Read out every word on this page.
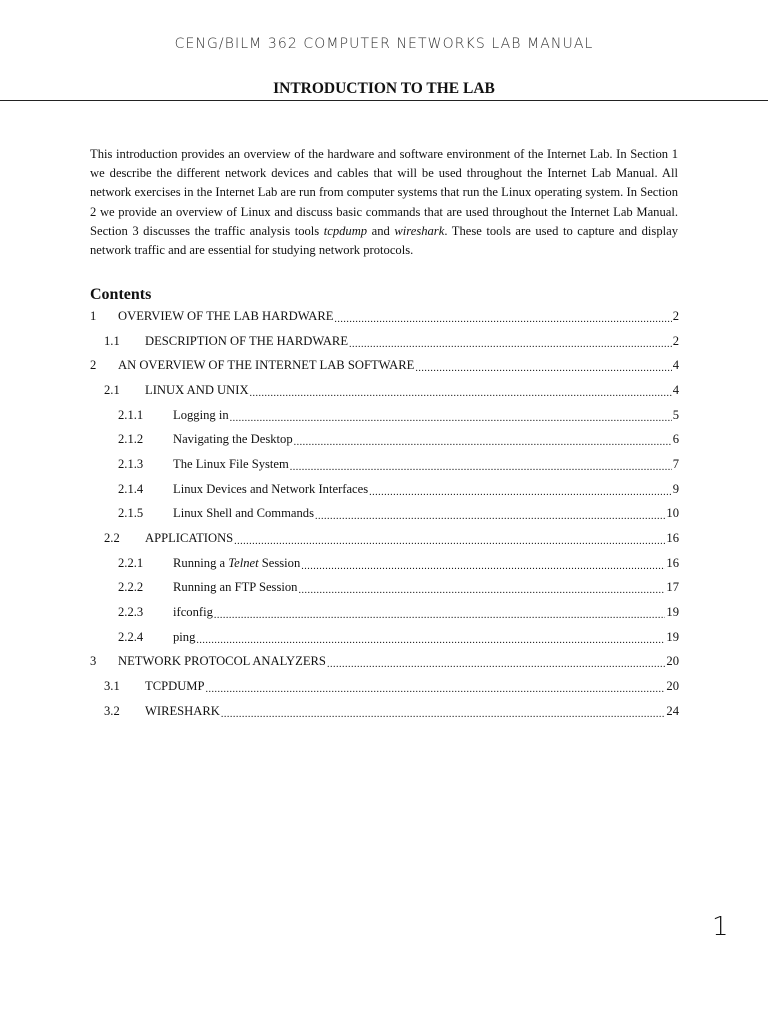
CENG/BILM 362 COMPUTER NETWORKS LAB MANUAL
INTRODUCTION TO THE LAB

This introduction provides an overview of the hardware and software environment of the Internet Lab. In Section 1 we describe the different network devices and cables that will be used throughout the Internet Lab Manual. All network exercises in the Internet Lab are run from computer systems that run the Linux operating system. In Section 2 we provide an overview of Linux and discuss basic commands that are used throughout the Internet Lab Manual. Section 3 discusses the traffic analysis tools tcpdump and wireshark. These tools are used to capture and display network traffic and are essential for studying network protocols.

Contents
1	OVERVIEW OF THE LAB HARDWARE .....	2
1.1	DESCRIPTION OF THE HARDWARE .....	2
2	AN OVERVIEW OF THE INTERNET LAB SOFTWARE .....	4
2.1	LINUX AND UNIX .....	4
2.1.1	Logging in .....	5
2.1.2	Navigating the Desktop .....	6
2.1.3	The Linux File System .....	7
2.1.4	Linux Devices and Network Interfaces .....	9
2.1.5	Linux Shell and Commands .....	10
2.2	APPLICATIONS .....	16
2.2.1	Running a Telnet Session .....	16
2.2.2	Running an FTP Session .....	17
2.2.3	ifconfig .....	19
2.2.4	ping .....	19
3	NETWORK PROTOCOL ANALYZERS .....	20
3.1	TCPDUMP .....	20
3.2	WIRESHARK .....	24
1
